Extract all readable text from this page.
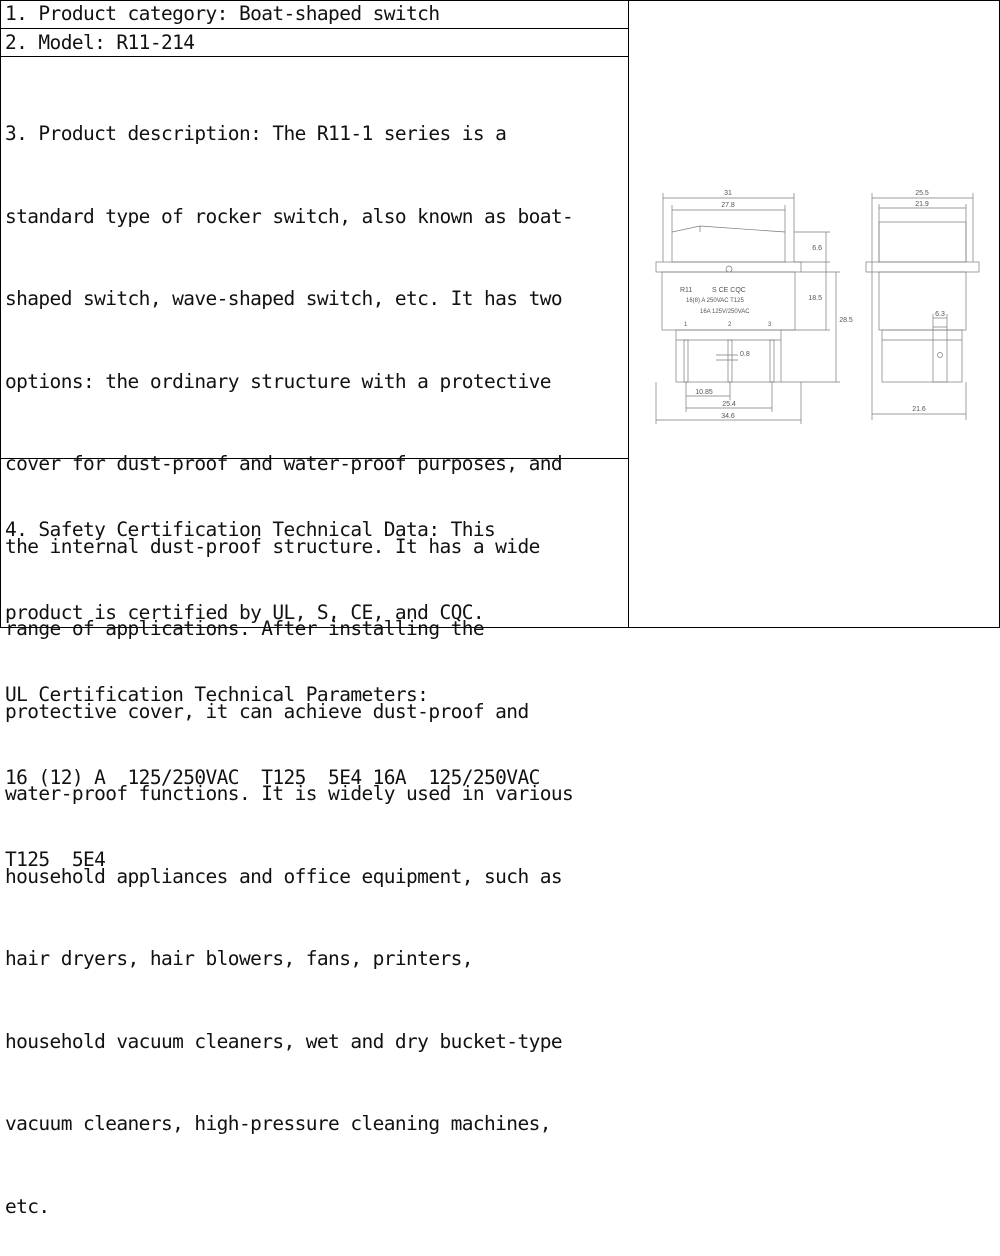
1. Product category: Boat-shaped switch
2. Model: R11-214

3. Product description: The R11-1 series is a

standard type of rocker switch, also known as boat-

shaped switch, wave-shaped switch, etc. It has two

options: the ordinary structure with a protective

cover for dust-proof and water-proof purposes, and

the internal dust-proof structure. It has a wide

range of applications. After installing the

protective cover, it can achieve dust-proof and

water-proof functions. It is widely used in various

household appliances and office equipment, such as

hair dryers, hair blowers, fans, printers,

household vacuum cleaners, wet and dry bucket-type

vacuum cleaners, high-pressure cleaning machines,

etc.

4. Safety Certification Technical Data: This

product is certified by UL, S, CE, and CQC.

UL Certification Technical Parameters:

16 (12) A  125/250VAC  T125  5E4 16A  125/250VAC

T125  5E4

31
27.8
6.6
18.5
28.5
0.8
10.85
25.4
34.6
R11	S CE CQC
16(8) A 250VAC T125
16A 125V/250VAC
1	2	3
25.5
21.9
6.3
21.6
